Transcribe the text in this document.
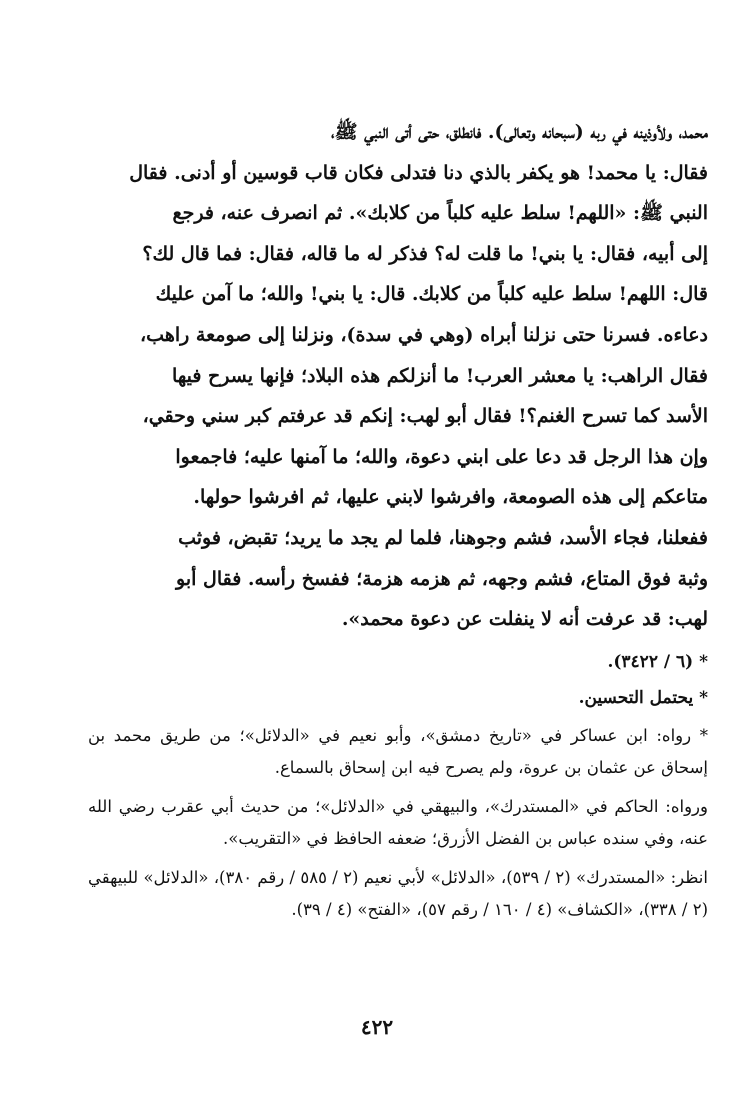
محمد، ولأوذينه في ربه (سبحانه وتعالى). فانطلق، حتى أتى النبي ﷺ،

فقال: يا محمد! هو يكفر بالذي دنا فتدلى فكان قاب قوسين أو أدنى. فقال

النبي ﷺ: «اللهم! سلط عليه كلباً من كلابك». ثم انصرف عنه، فرجع

إلى أبيه، فقال: يا بني! ما قلت له؟ فذكر له ما قاله، فقال: فما قال لك؟

قال: اللهم! سلط عليه كلباً من كلابك. قال: يا بني! والله؛ ما آمن عليك

دعاءه. فسرنا حتى نزلنا أبراه (وهي في سدة)، ونزلنا إلى صومعة راهب،

فقال الراهب: يا معشر العرب! ما أنزلكم هذه البلاد؛ فإنها يسرح فيها

الأسد كما تسرح الغنم؟! فقال أبو لهب: إنكم قد عرفتم كبر سني وحقي،

وإن هذا الرجل قد دعا على ابني دعوة، والله؛ ما آمنها عليه؛ فاجمعوا

متاعكم إلى هذه الصومعة، وافرشوا لابني عليها، ثم افرشوا حولها.

ففعلنا، فجاء الأسد، فشم وجوهنا، فلما لم يجد ما يريد؛ تقبض، فوثب

وثبة فوق المتاع، فشم وجهه، ثم هزمه هزمة؛ ففسخ رأسه. فقال أبو

لهب: قد عرفت أنه لا ينفلت عن دعوة محمد».

* (٦ / ٣٤٢٢).

* يحتمل التحسين.

* رواه: ابن عساكر في «تاريخ دمشق»، وأبو نعيم في «الدلائل»؛ من طريق محمد بن إسحاق عن عثمان بن عروة، ولم يصرح فيه ابن إسحاق بالسماع.

ورواه: الحاكم في «المستدرك»، والبيهقي في «الدلائل»؛ من حديث أبي عقرب رضي الله عنه، وفي سنده عباس بن الفضل الأزرق؛ ضعفه الحافظ في «التقريب».

انظر: «المستدرك» (٢ / ٥٣٩)، «الدلائل» لأبي نعيم (٢ / ٥٨٥ / رقم ٣٨٠)، «الدلائل» للبيهقي (٢ / ٣٣٨)، «الكشاف» (٤ / ١٦٠ / رقم ٥٧)، «الفتح» (٤ / ٣٩).

٤٢٢
